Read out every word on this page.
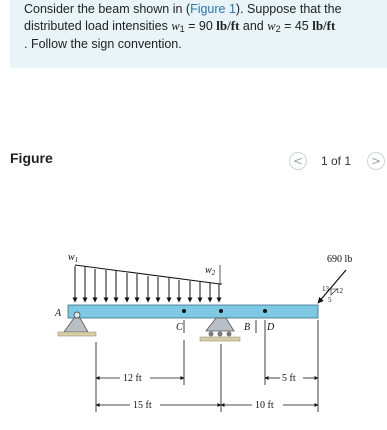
Consider the beam shown in (Figure 1). Suppose that the
distributed load intensities $w_1 = 90$ lb/ft and $w_2 = 45$ lb/ft
. Follow the sign convention.
Figure	<	1 of 1	>
$w_1$
$w_2$
A
C	B D
690 lb
13 12
5
12 ft	5 ft
15 ft	10 ft
